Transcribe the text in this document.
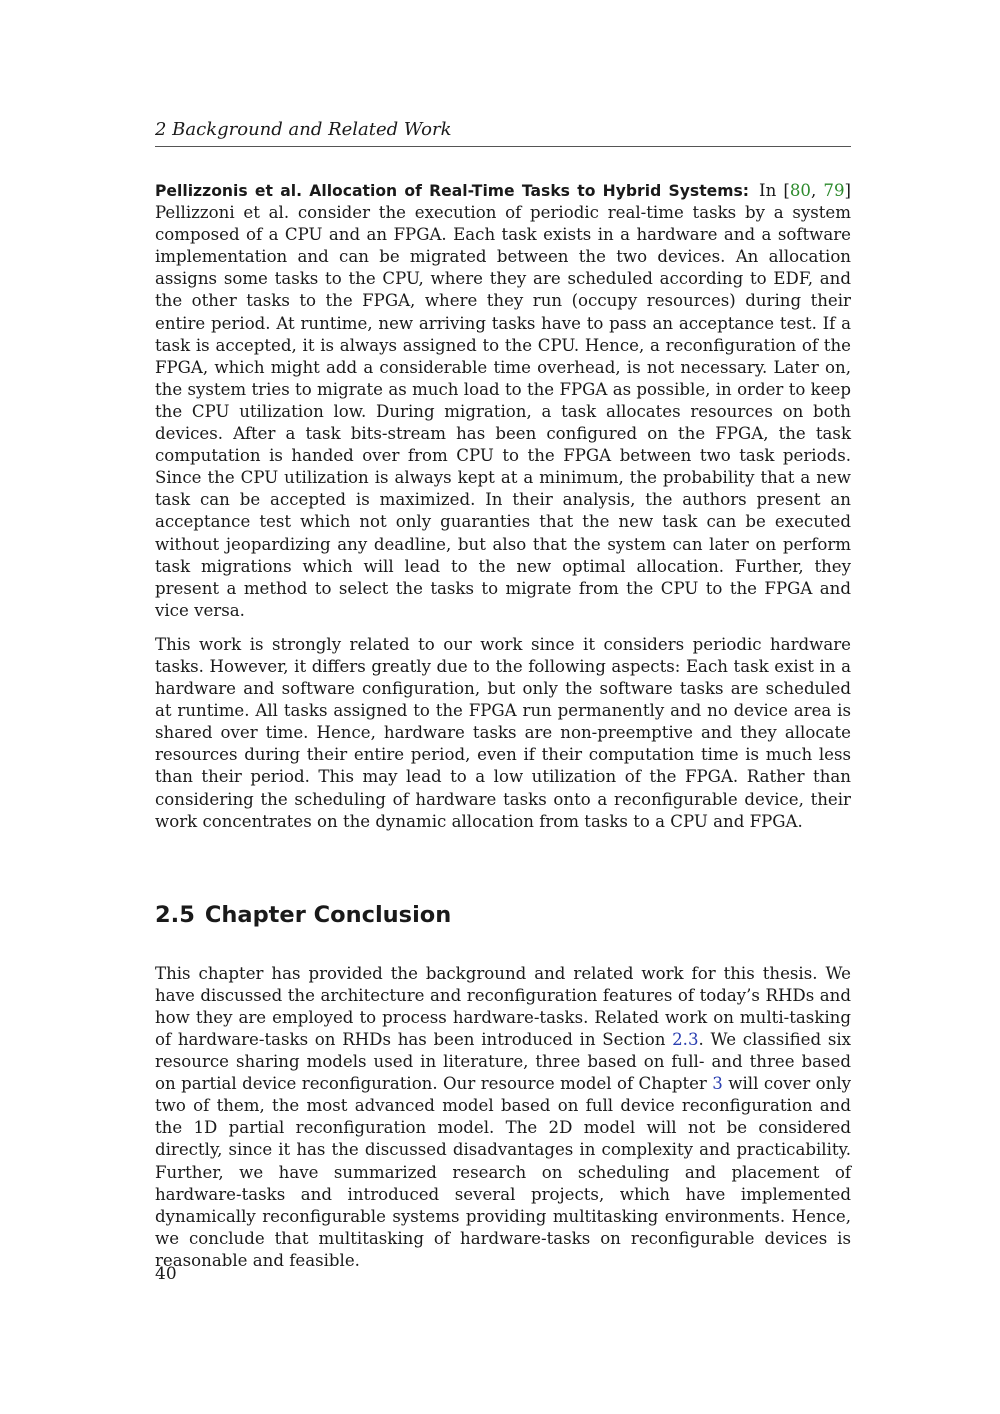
2 Background and Related Work

Pellizzonis et al. Allocation of Real-Time Tasks to Hybrid Systems: In [80, 79] Pellizzoni et al. consider the execution of periodic real-time tasks by a system composed of a CPU and an FPGA. Each task exists in a hardware and a software implementation and can be migrated between the two devices. An allocation assigns some tasks to the CPU, where they are scheduled according to EDF, and the other tasks to the FPGA, where they run (occupy resources) during their entire period. At runtime, new arriving tasks have to pass an acceptance test. If a task is accepted, it is always assigned to the CPU. Hence, a reconfiguration of the FPGA, which might add a considerable time overhead, is not necessary. Later on, the system tries to migrate as much load to the FPGA as possible, in order to keep the CPU utilization low. During migration, a task allocates resources on both devices. After a task bits-stream has been configured on the FPGA, the task computation is handed over from CPU to the FPGA between two task periods. Since the CPU utilization is always kept at a minimum, the probability that a new task can be accepted is maximized. In their analysis, the authors present an acceptance test which not only guaranties that the new task can be executed without jeopardizing any deadline, but also that the system can later on perform task migrations which will lead to the new optimal allocation. Further, they present a method to select the tasks to migrate from the CPU to the FPGA and vice versa.

This work is strongly related to our work since it considers periodic hardware tasks. However, it differs greatly due to the following aspects: Each task exist in a hardware and software configuration, but only the software tasks are scheduled at runtime. All tasks assigned to the FPGA run permanently and no device area is shared over time. Hence, hardware tasks are non-preemptive and they allocate resources during their entire period, even if their computation time is much less than their period. This may lead to a low utilization of the FPGA. Rather than considering the scheduling of hardware tasks onto a reconfigurable device, their work concentrates on the dynamic allocation from tasks to a CPU and FPGA.

2.5 Chapter Conclusion

This chapter has provided the background and related work for this thesis. We have discussed the architecture and reconfiguration features of today’s RHDs and how they are employed to process hardware-tasks. Related work on multi-tasking of hardware-tasks on RHDs has been introduced in Section 2.3. We classified six resource sharing models used in literature, three based on full- and three based on partial device reconfiguration. Our resource model of Chapter 3 will cover only two of them, the most advanced model based on full device reconfiguration and the 1D partial reconfiguration model. The 2D model will not be considered directly, since it has the discussed disadvantages in complexity and practicability. Further, we have summarized research on scheduling and placement of hardware-tasks and introduced several projects, which have implemented dynamically reconfigurable systems providing multitasking environments. Hence, we conclude that multitasking of hardware-tasks on reconfigurable devices is reasonable and feasible.

40
